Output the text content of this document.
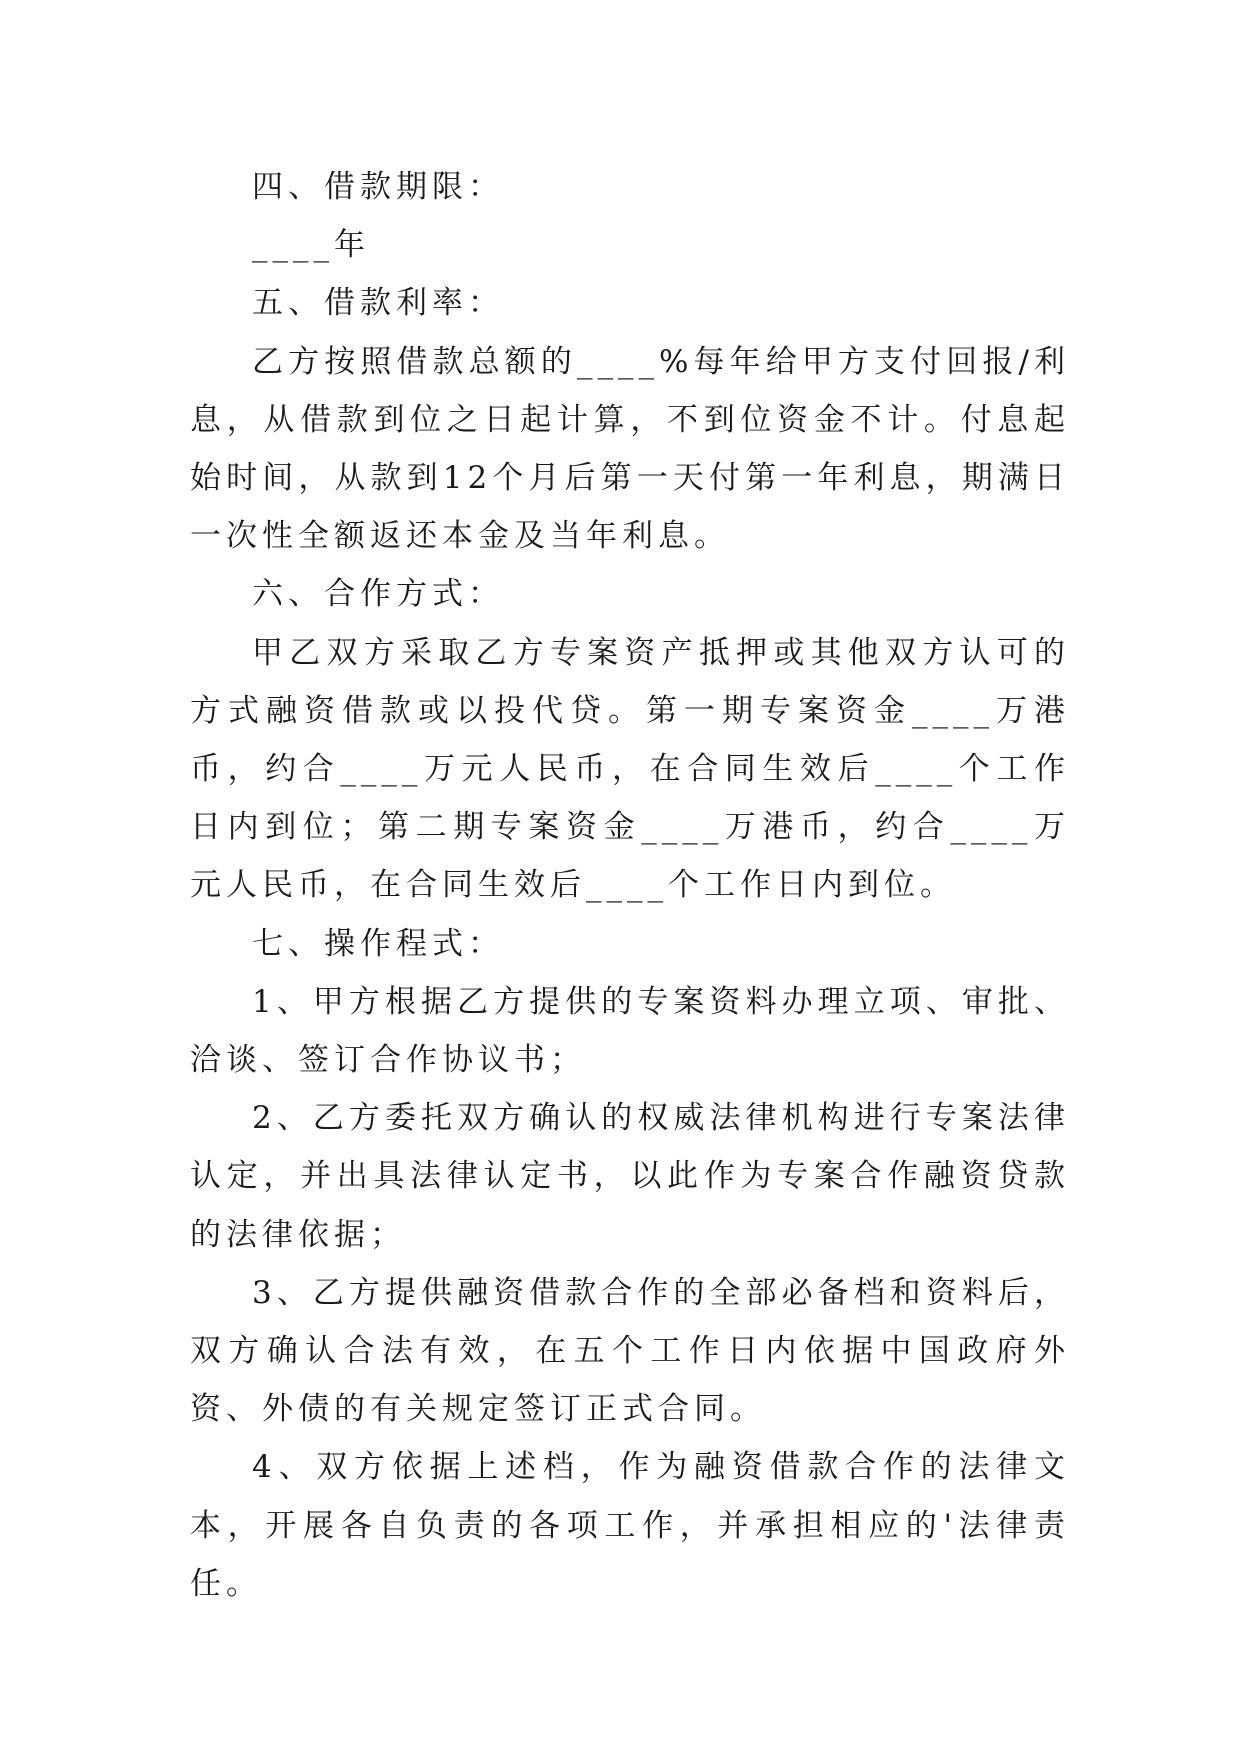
四、借款期限：

____年

五、借款利率：

乙方按照借款总额的____%每年给甲方支付回报/利息，从借款到位之日起计算，不到位资金不计。付息起始时间，从款到12个月后第一天付第一年利息，期满日一次性全额返还本金及当年利息。

六、合作方式：

甲乙双方采取乙方专案资产抵押或其他双方认可的方式融资借款或以投代贷。第一期专案资金____万港币，约合____万元人民币，在合同生效后____个工作日内到位；第二期专案资金____万港币，约合____万元人民币，在合同生效后____个工作日内到位。

七、操作程式：

1、甲方根据乙方提供的专案资料办理立项、审批、洽谈、签订合作协议书；

2、乙方委托双方确认的权威法律机构进行专案法律认定，并出具法律认定书，以此作为专案合作融资贷款的法律依据；

3、乙方提供融资借款合作的全部必备档和资料后，双方确认合法有效，在五个工作日内依据中国政府外资、外债的有关规定签订正式合同。

4、双方依据上述档，作为融资借款合作的法律文本，开展各自负责的各项工作，并承担相应的'法律责任。
